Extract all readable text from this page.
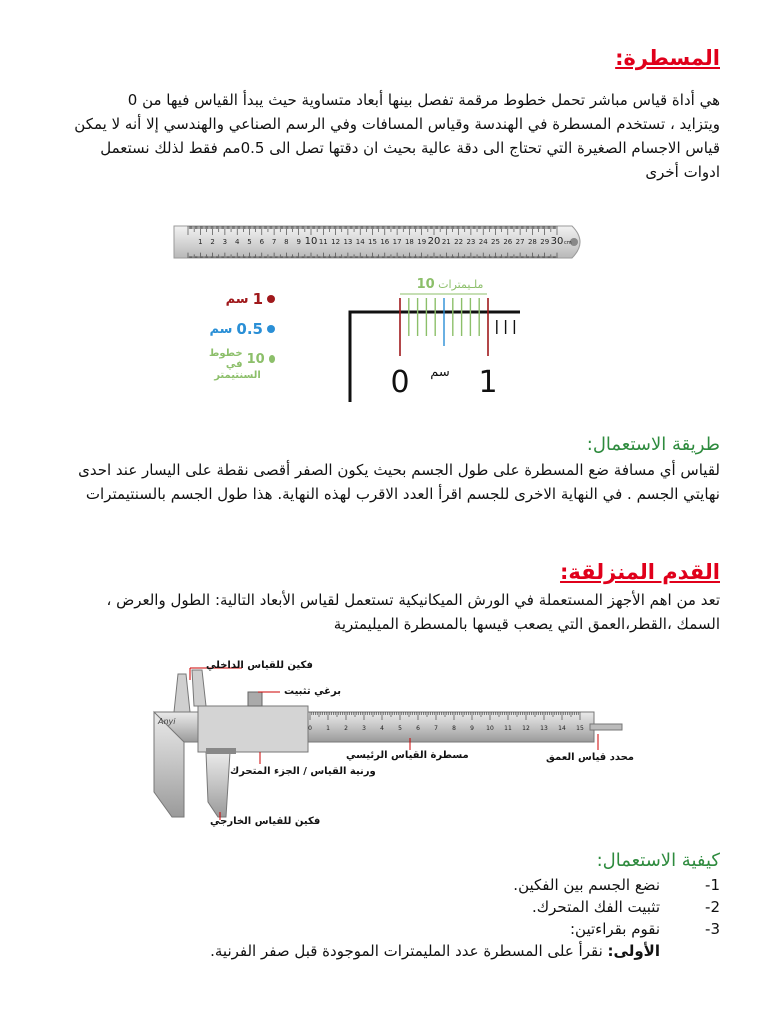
المسطرة:

هي أداة قياس مباشر تحمل خطوط مرقمة تفصل بينها أبعاد متساوية حيث يبدأ القياس فيها من 0

ويتزايد ، تستخدم المسطرة في الهندسة وقياس المسافات وفي الرسم الصناعي والهندسي إلا أنه لا يمكن

قياس الاجسام الصغيرة التي تحتاج الى دقة عالية بحيث ان دقتها تصل الى 0.5مم فقط لذلك نستعمل

ادوات أخرى

1 2 3 4 5 6 7 8 9 10 11 12 13 14 15 16 17 18 19 20 21 22 23 24 25 26 27 28 29 30 cm
1
سم
0.5
سم
10
خطوط في
السنتيمتر
10 ملـيمترات
0 1
سم
طريقة الاستعمال:

لقياس أي مسافة ضع المسطرة على طول الجسم بحيث يكون الصفر أقصى نقطة على اليسار عند احدى

نهايتي الجسم . في النهاية الاخرى للجسم اقرأ العدد الاقرب لهذه النهاية. هذا طول الجسم بالسنتيمترات

القدم المنزلقة:

تعد من اهم الأجهز المستعملة في الورش الميكانيكية تستعمل لقياس الأبعاد التالية: الطول والعرض ،

السمك ،القطر،العمق التي يصعب قيسها بالمسطرة الميليمترية

Anyi
0 1 2 3 4 5 6 7 8 9 10 11 12 13 14 15
فكين للقياس الداخلي
برغي تثبيت
مسطرة القياس الرئيسي	محدد قياس العمق
ورنية القياس / الجزء المتحرك
فكين للقياس الخارجي
كيفية الاستعمال:
-1
نضع الجسم بين الفكين.
-2
تثبيت الفك المتحرك.
-3
نقوم بقراءتين:
الأولى: نقرأ على المسطرة عدد المليمترات الموجودة قبل صفر الفرنية.
